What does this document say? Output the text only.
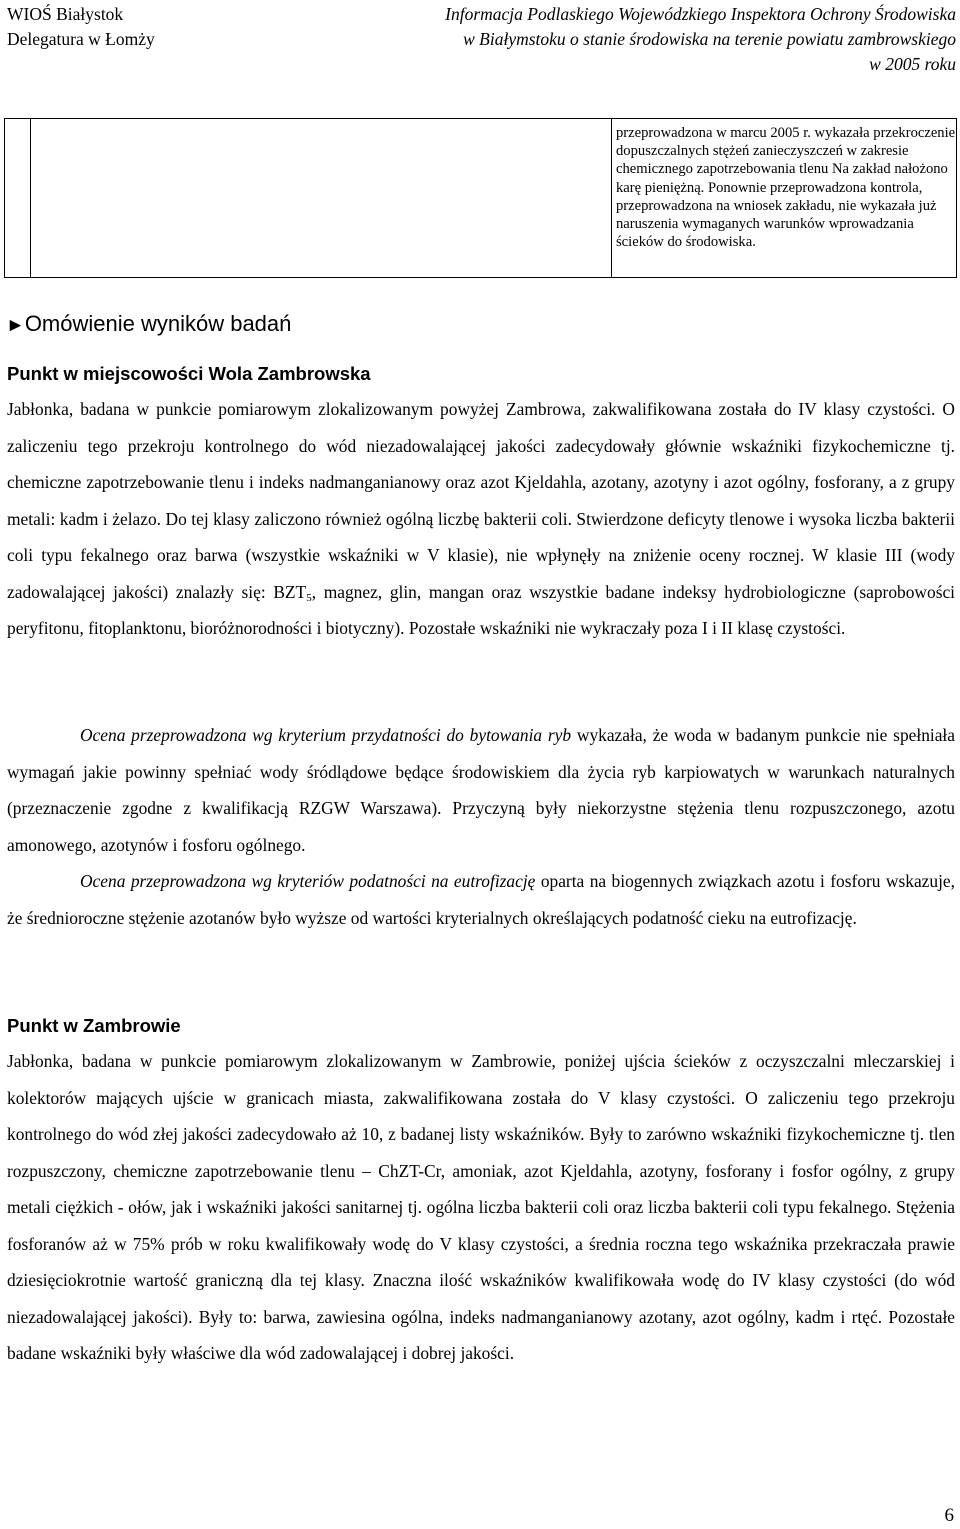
WIOŚ Białystok
Delegatura w Łomży
Informacja Podlaskiego Wojewódzkiego Inspektora Ochrony Środowiska
w Białymstoku o stanie środowiska na terenie powiatu zambrowskiego
w 2005 roku
przeprowadzona w marcu 2005 r. wykazała przekroczenie dopuszczalnych stężeń zanieczyszczeń w zakresie chemicznego zapotrzebowania tlenu Na zakład nałożono karę pieniężną. Ponownie przeprowadzona kontrola, przeprowadzona na wniosek zakładu, nie wykazała już naruszenia wymaganych warunków wprowadzania ścieków do środowiska.
►Omówienie wyników badań
Punkt w miejscowości Wola Zambrowska
Jabłonka, badana w punkcie pomiarowym zlokalizowanym powyżej Zambrowa, zakwalifikowana została do IV klasy czystości. O zaliczeniu tego przekroju kontrolnego do wód niezadowalającej jakości zadecydowały głównie wskaźniki fizykochemiczne tj. chemiczne zapotrzebowanie tlenu i indeks nadmanganianowy oraz azot Kjeldahla, azotany, azotyny i azot ogólny, fosforany, a z grupy metali: kadm i żelazo. Do tej klasy zaliczono również ogólną liczbę bakterii coli. Stwierdzone deficyty tlenowe i wysoka liczba bakterii coli typu fekalnego oraz barwa (wszystkie wskaźniki w V klasie), nie wpłynęły na zniżenie oceny rocznej. W klasie III (wody zadowalającej jakości) znalazły się: $BZT_5$, magnez, glin, mangan oraz wszystkie badane indeksy hydrobiologiczne (saprobowości peryfitonu, fitoplanktonu, bioróżnorodności i biotyczny). Pozostałe wskaźniki nie wykraczały poza I i II klasę czystości.
Ocena przeprowadzona wg kryterium przydatności do bytowania ryb wykazała, że woda w badanym punkcie nie spełniała wymagań jakie powinny spełniać wody śródlądowe będące środowiskiem dla życia ryb karpiowatych w warunkach naturalnych (przeznaczenie zgodne z kwalifikacją RZGW Warszawa). Przyczyną były niekorzystne stężenia tlenu rozpuszczonego, azotu amonowego, azotynów i fosforu ogólnego.
Ocena przeprowadzona wg kryteriów podatności na eutrofizację oparta na biogennych związkach azotu i fosforu wskazuje, że średnioroczne stężenie azotanów było wyższe od wartości kryterialnych określających podatność cieku na eutrofizację.
Punkt w Zambrowie
Jabłonka, badana w punkcie pomiarowym zlokalizowanym w Zambrowie, poniżej ujścia ścieków z oczyszczalni mleczarskiej i kolektorów mających ujście w granicach miasta, zakwalifikowana została do V klasy czystości. O zaliczeniu tego przekroju kontrolnego do wód złej jakości zadecydowało aż 10, z badanej listy wskaźników. Były to zarówno wskaźniki fizykochemiczne tj. tlen rozpuszczony, chemiczne zapotrzebowanie tlenu – ChZT-Cr, amoniak, azot Kjeldahla, azotyny, fosforany i fosfor ogólny, z grupy metali ciężkich - ołów, jak i wskaźniki jakości sanitarnej tj. ogólna liczba bakterii coli oraz liczba bakterii coli typu fekalnego. Stężenia fosforanów aż w 75% prób w roku kwalifikowały wodę do V klasy czystości, a średnia roczna tego wskaźnika przekraczała prawie dziesięciokrotnie wartość graniczną dla tej klasy. Znaczna ilość wskaźników kwalifikowała wodę do IV klasy czystości (do wód niezadowalającej jakości). Były to: barwa, zawiesina ogólna, indeks nadmanganianowy azotany, azot ogólny, kadm i rtęć. Pozostałe badane wskaźniki były właściwe dla wód zadowalającej i dobrej jakości.
6
